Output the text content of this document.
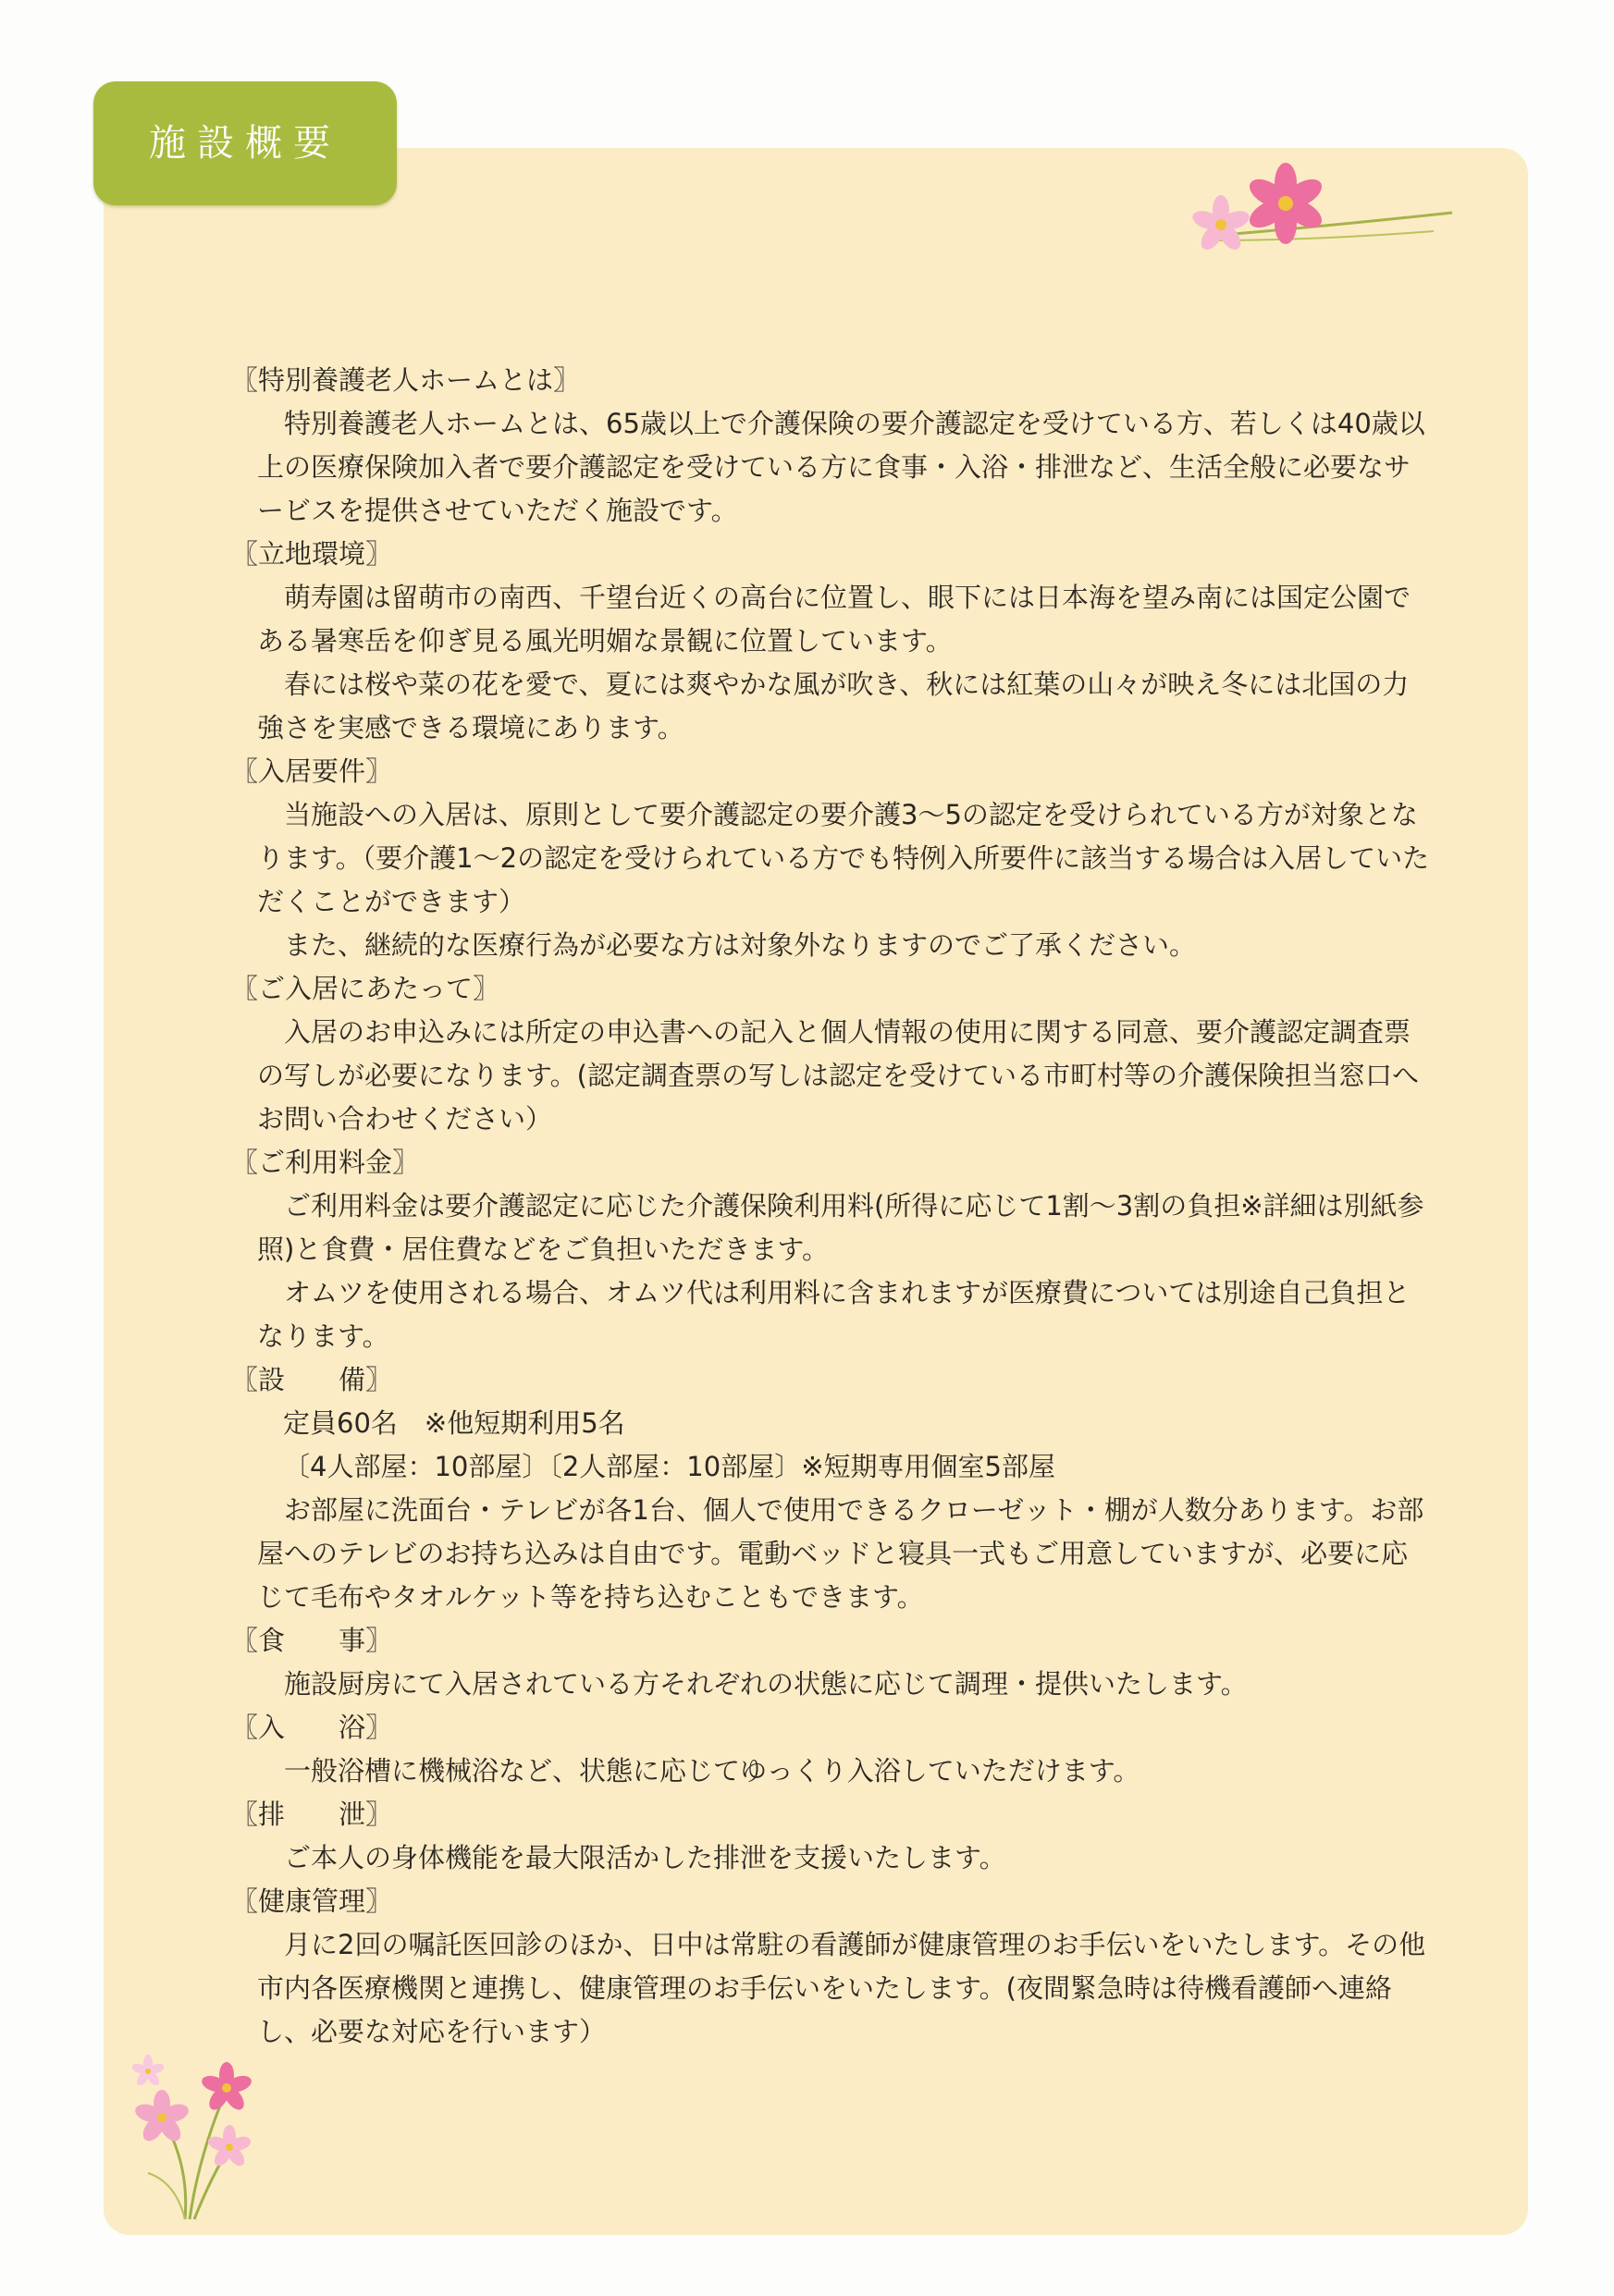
施設概要

〖特別養護老人ホームとは〗

特別養護老人ホームとは、65歳以上で介護保険の要介護認定を受けている方、若しくは40歳以上の医療保険加入者で要介護認定を受けている方に食事・入浴・排泄など、生活全般に必要なサービスを提供させていただく施設です。

〖立地環境〗

萌寿園は留萌市の南西、千望台近くの高台に位置し、眼下には日本海を望み南には国定公園である暑寒岳を仰ぎ見る風光明媚な景観に位置しています。

春には桜や菜の花を愛で、夏には爽やかな風が吹き、秋には紅葉の山々が映え冬には北国の力強さを実感できる環境にあります。

〖入居要件〗

当施設への入居は、原則として要介護認定の要介護3～5の認定を受けられている方が対象となります。（要介護1～2の認定を受けられている方でも特例入所要件に該当する場合は入居していただくことができます）

また、継続的な医療行為が必要な方は対象外なりますのでご了承ください。

〖ご入居にあたって〗

入居のお申込みには所定の申込書への記入と個人情報の使用に関する同意、要介護認定調査票の写しが必要になります。(認定調査票の写しは認定を受けている市町村等の介護保険担当窓口へお問い合わせください）

〖ご利用料金〗

ご利用料金は要介護認定に応じた介護保険利用料(所得に応じて1割～3割の負担※詳細は別紙参照)と食費・居住費などをご負担いただきます。

オムツを使用される場合、オムツ代は利用料に含まれますが医療費については別途自己負担となります。

〖設　　備〗

定員60名　※他短期利用5名

〔4人部屋：10部屋〕〔2人部屋：10部屋〕※短期専用個室5部屋

お部屋に洗面台・テレビが各1台、個人で使用できるクローゼット・棚が人数分あります。お部屋へのテレビのお持ち込みは自由です。電動ベッドと寝具一式もご用意していますが、必要に応じて毛布やタオルケット等を持ち込むこともできます。

〖食　　事〗

施設厨房にて入居されている方それぞれの状態に応じて調理・提供いたします。

〖入　　浴〗

一般浴槽に機械浴など、状態に応じてゆっくり入浴していただけます。

〖排　　泄〗

ご本人の身体機能を最大限活かした排泄を支援いたします。

〖健康管理〗

月に2回の嘱託医回診のほか、日中は常駐の看護師が健康管理のお手伝いをいたします。その他市内各医療機関と連携し、健康管理のお手伝いをいたします。(夜間緊急時は待機看護師へ連絡し、必要な対応を行います）
